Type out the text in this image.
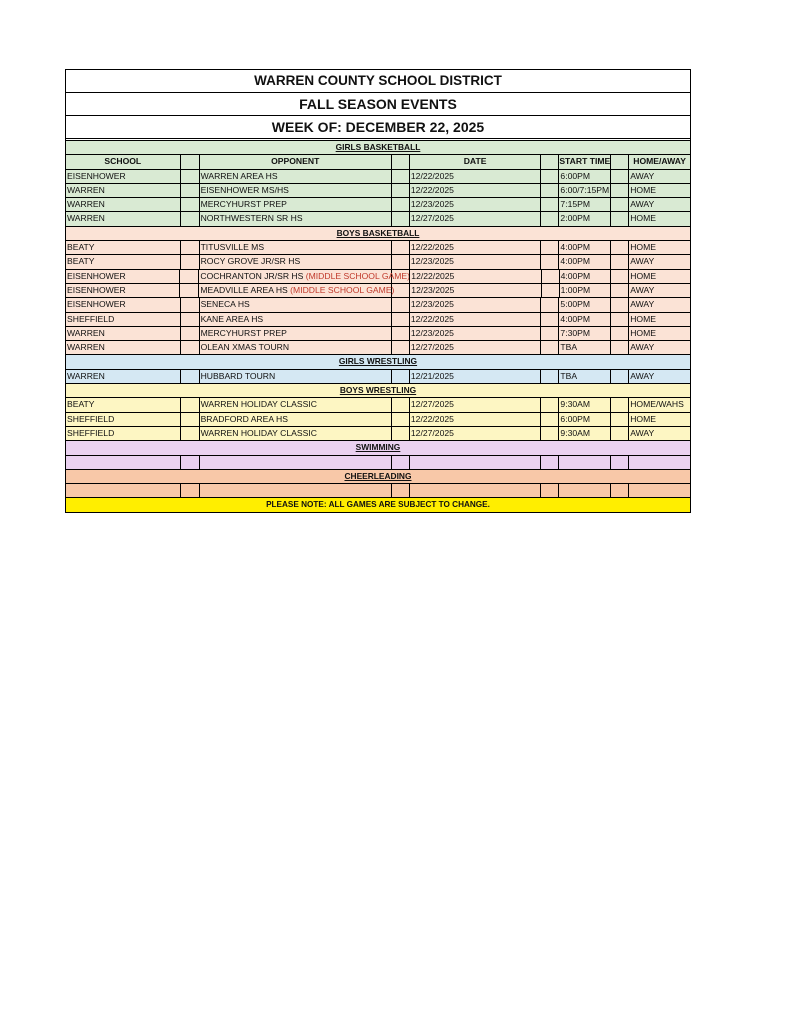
WARREN COUNTY SCHOOL DISTRICT
FALL SEASON EVENTS
WEEK OF: DECEMBER 22, 2025
GIRLS BASKETBALL
SCHOOL	OPPONENT	DATE	START TIME	HOME/AWAY
EISENHOWER	WARREN AREA HS	12/22/2025	6:00PM	AWAY
WARREN	EISENHOWER MS/HS	12/22/2025	6:00/7:15PM HOME
WARREN	MERCYHURST PREP	12/23/2025	7:15PM	AWAY
WARREN	NORTHWESTERN SR HS	12/27/2025	2:00PM	HOME
BOYS BASKETBALL
BEATY	TITUSVILLE MS	12/22/2025	4:00PM	HOME
BEATY	ROCY GROVE JR/SR HS	12/23/2025	4:00PM	AWAY
EISENHOWER	COCHRANTON JR/SR HS (MIDDLE SCHOOL GAME) 12/22/2025	4:00PM	HOME
EISENHOWER	MEADVILLE AREA HS (MIDDLE SCHOOL GAME) 12/23/2025	1:00PM	AWAY
EISENHOWER	SENECA HS	12/23/2025	5:00PM	AWAY
SHEFFIELD	KANE AREA HS	12/22/2025	4:00PM	HOME
WARREN	MERCYHURST PREP	12/23/2025	7:30PM	HOME
WARREN	OLEAN XMAS TOURN	12/27/2025	TBA	AWAY
GIRLS WRESTLING
WARREN	HUBBARD TOURN	12/21/2025	TBA	AWAY
BOYS WRESTLING
BEATY	WARREN HOLIDAY CLASSIC	12/27/2025	9:30AM	HOME/WAHS
SHEFFIELD	BRADFORD AREA HS	12/22/2025	6:00PM	HOME
SHEFFIELD	WARREN HOLIDAY CLASSIC	12/27/2025	9:30AM	AWAY
SWIMMING
CHEERLEADING
PLEASE NOTE: ALL GAMES ARE SUBJECT TO CHANGE.
